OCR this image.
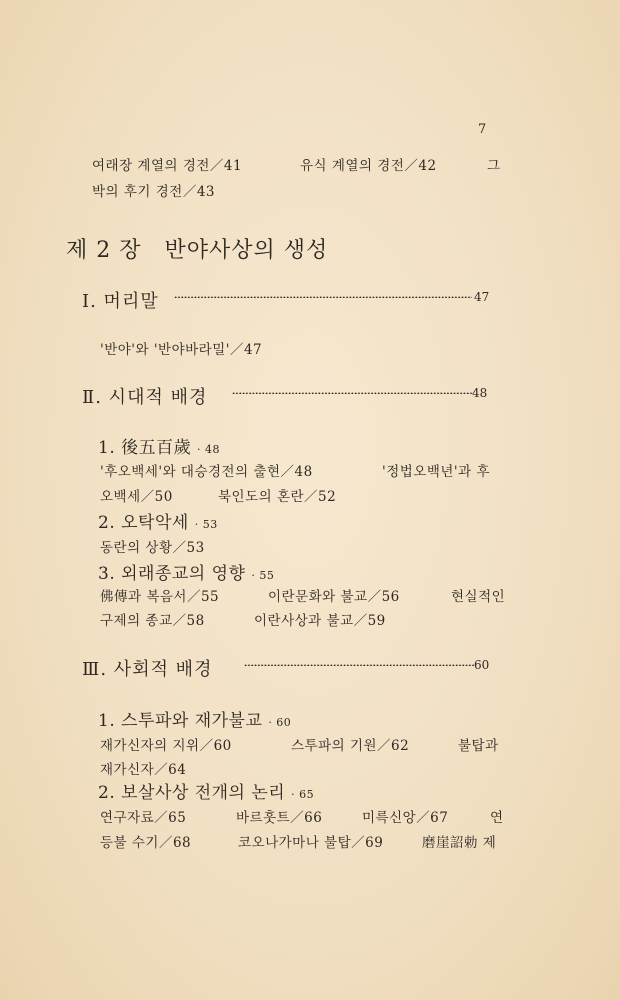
7
여래장 계열의 경전／41	유식 계열의 경전／42	그
박의 후기 경전／43
제 2 장　반야사상의 생성
Ⅰ. 머리말	47
'반야'와 '반야바라밀'／47
Ⅱ. 시대적 배경	48
1. 後五百歲 · 48
'후오백세'와 대승경전의 출현／48	'정법오백년'과 후
오백세／50	북인도의 혼란／52
2. 오탁악세 · 53
동란의 상황／53
3. 외래종교의 영향 · 55
佛傳과 복음서／55	이란문화와 불교／56	현실적인
구제의 종교／58	이란사상과 불교／59
Ⅲ. 사회적 배경	60
1. 스투파와 재가불교 · 60
재가신자의 지위／60	스투파의 기원／62	불탑과
재가신자／64
2. 보살사상 전개의 논리 · 65
연구자료／65	바르훗트／66	미륵신앙／67	연
등불 수기／68	코오나가마나 불탑／69	磨崖詔勅 제
